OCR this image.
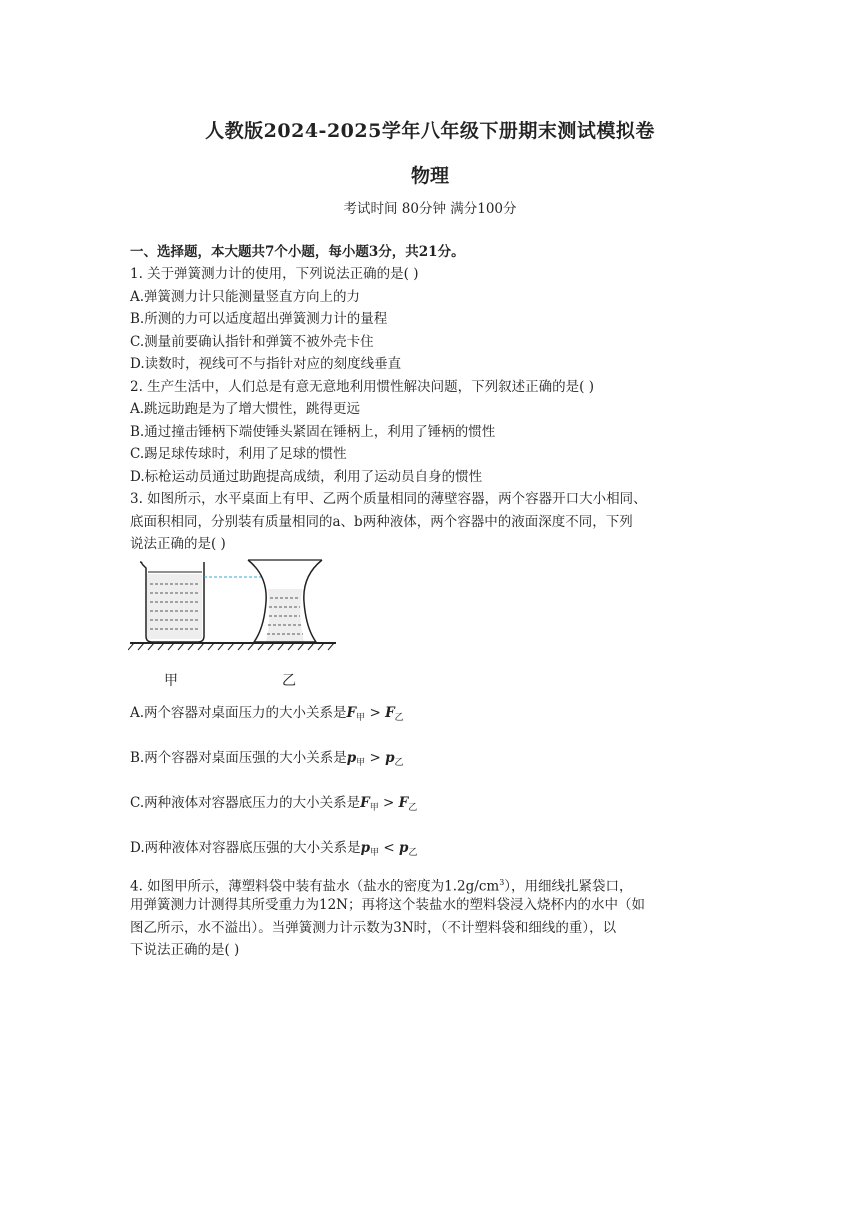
人教版2024-2025学年八年级下册期末测试模拟卷
物理
考试时间 80分钟 满分100分
一、选择题，本大题共7个小题，每小题3分，共21分。
1. 关于弹簧测力计的使用，下列说法正确的是( )
A.弹簧测力计只能测量竖直方向上的力
B.所测的力可以适度超出弹簧测力计的量程
C.测量前要确认指针和弹簧不被外壳卡住
D.读数时，视线可不与指针对应的刻度线垂直
2. 生产生活中，人们总是有意无意地利用惯性解决问题，下列叙述正确的是( )
A.跳远助跑是为了增大惯性，跳得更远
B.通过撞击锤柄下端使锤头紧固在锤柄上，利用了锤柄的惯性
C.踢足球传球时，利用了足球的惯性
D.标枪运动员通过助跑提高成绩，利用了运动员自身的惯性
3. 如图所示，水平桌面上有甲、乙两个质量相同的薄壁容器，两个容器开口大小相同、
底面积相同，分别装有质量相同的a、b两种液体，两个容器中的液面深度不同，下列
说法正确的是( )
甲	乙
A.两个容器对桌面压力的大小关系是$F_甲 > F_乙$
B.两个容器对桌面压强的大小关系是$p_甲 > p_乙$
C.两种液体对容器底压力的大小关系是$F_甲 > F_乙$
D.两种液体对容器底压强的大小关系是$p_甲 < p_乙$
4. 如图甲所示，薄塑料袋中装有盐水（盐水的密度为$1.2g/cm^3$），用细线扎紧袋口，
用弹簧测力计测得其所受重力为12N；再将这个装盐水的塑料袋浸入烧杯内的水中（如
图乙所示，水不溢出）。当弹簧测力计示数为3N时，（不计塑料袋和细线的重），以
下说法正确的是( )
